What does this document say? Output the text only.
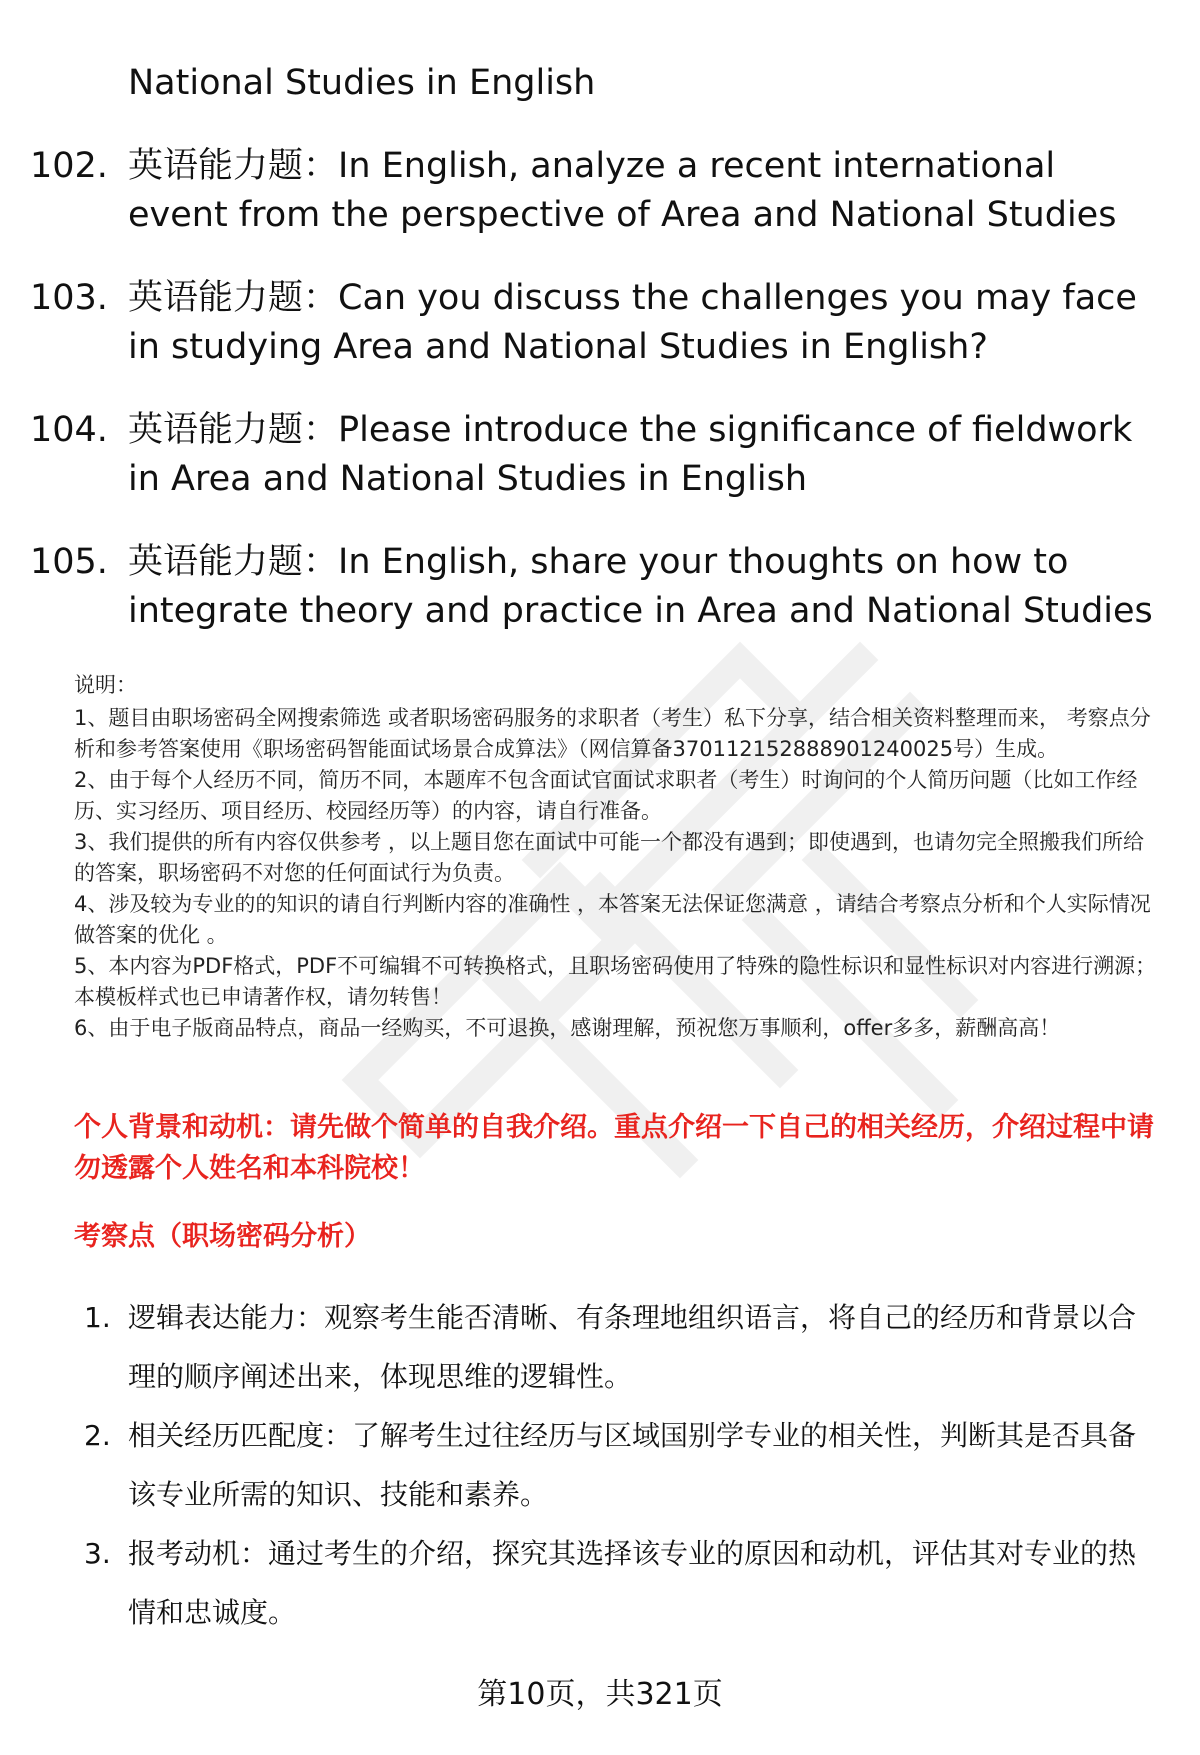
National Studies in English

102. 英语能力题：In English, analyze a recent international event from the perspective of Area and National Studies
103. 英语能力题：Can you discuss the challenges you may face in studying Area and National Studies in English?
104. 英语能力题：Please introduce the significance of fieldwork in Area and National Studies in English
105. 英语能力题：In English, share your thoughts on how to integrate theory and practice in Area and National Studies

说明：

1、题目由职场密码全网搜索筛选 或者职场密码服务的求职者（考生）私下分享，结合相关资料整理而来， 考察点分析和参考答案使用《职场密码智能面试场景合成算法》（网信算备370112152888901240025号）生成。

2、由于每个人经历不同，简历不同，本题库不包含面试官面试求职者（考生）时询问的个人简历问题（比如工作经历、实习经历、项目经历、校园经历等）的内容，请自行准备。

3、我们提供的所有内容仅供参考 ，以上题目您在面试中可能一个都没有遇到；即使遇到，也请勿完全照搬我们所给的答案，职场密码不对您的任何面试行为负责。

4、涉及较为专业的的知识的请自行判断内容的准确性 ，本答案无法保证您满意 ，请结合考察点分析和个人实际情况做答案的优化 。

5、本内容为PDF格式，PDF不可编辑不可转换格式，且职场密码使用了特殊的隐性标识和显性标识对内容进行溯源；本模板样式也已申请著作权，请勿转售！

6、由于电子版商品特点，商品一经购买，不可退换，感谢理解，预祝您万事顺利，offer多多，薪酬高高！

个人背景和动机：请先做个简单的自我介绍。重点介绍一下自己的相关经历，介绍过程中请勿透露个人姓名和本科院校！

考察点（职场密码分析）

1. 逻辑表达能力：观察考生能否清晰、有条理地组织语言，将自己的经历和背景以合理的顺序阐述出来，体现思维的逻辑性。
2. 相关经历匹配度：了解考生过往经历与区域国别学专业的相关性，判断其是否具备该专业所需的知识、技能和素养。
3. 报考动机：通过考生的介绍，探究其选择该专业的原因和动机，评估其对专业的热情和忠诚度。

第10页，共321页
